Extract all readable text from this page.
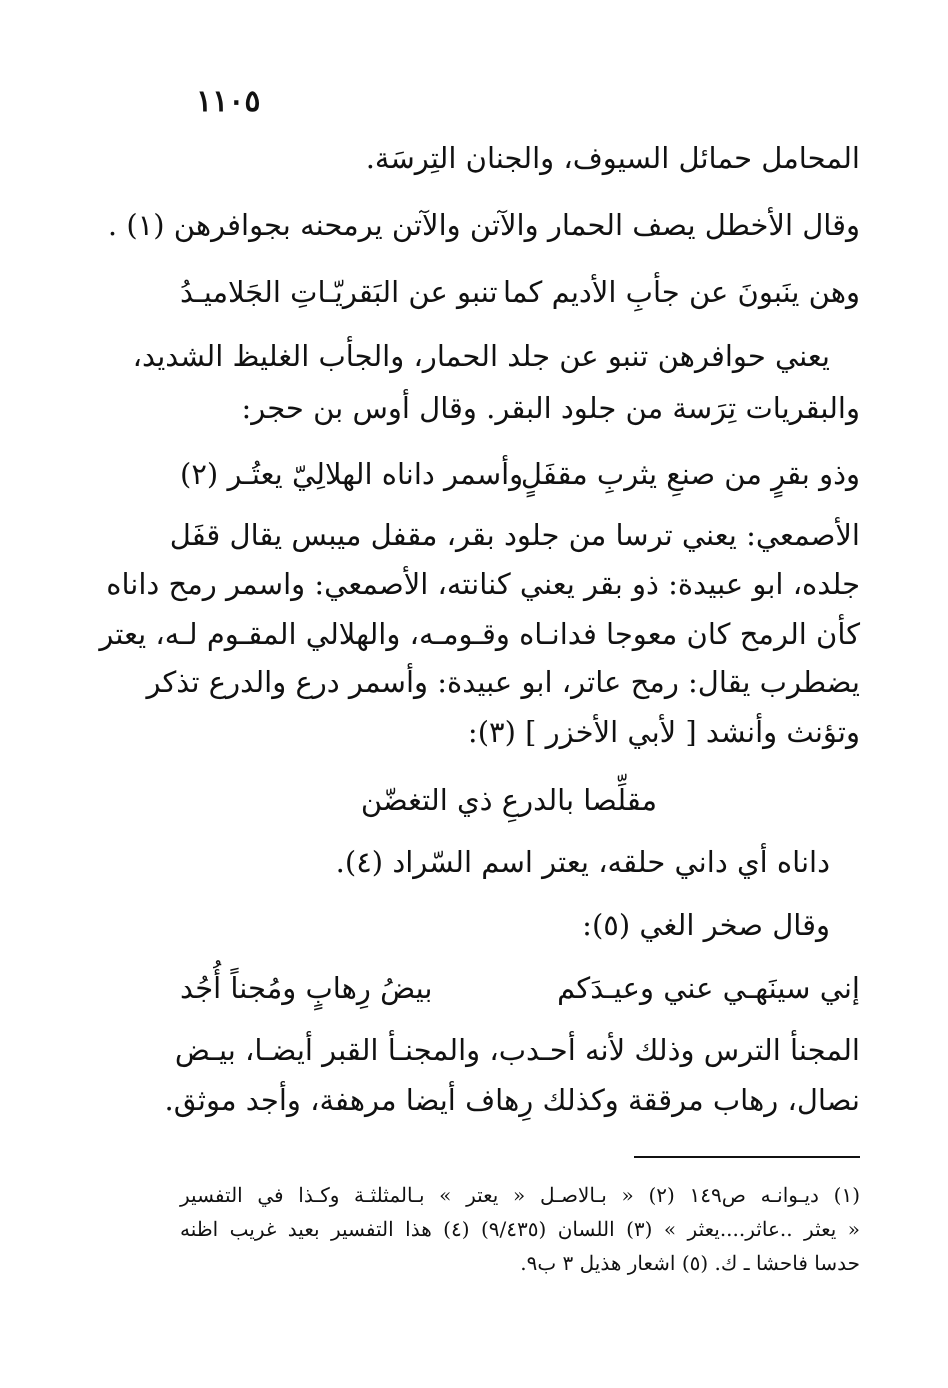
١١٠٥
المحامل حمائل السيوف، والجنان التِرسَة.
وقال الأخطل يصف الحمار والآتن والآتن يرمحنه بجوافرهن (١) .
وهن ينَبونَ عن جأبِ الأديم كما
تنبو عن البَقريّـاتِ الجَلاميـدُ
يعني حوافرهن تنبو عن جلد الحمار، والجأب الغليظ الشديد،
والبقريات تِرَسة من جلود البقر. وقال أوس بن حجر:
وذو بقرٍ من صنعِ يثربِ مقفَلٍ
وأسمر داناه الهلالِيّ يعتُـر (٢)
الأصمعي: يعني ترسا من جلود بقر، مقفل ميبس يقال قفَل
جلده، ابو عبيدة: ذو بقر يعني كنانته، الأصمعي: واسمر رمح داناه
كأن الرمح كان معوجا فدانـاه وقـومـه، والهلالي المقـوم لـه، يعتر
يضطرب يقال: رمح عاتر، ابو عبيدة: وأسمر درع والدرع تذكر
وتؤنث وأنشد [ لأبي الأخزر ] (٣):
مقلِّصا بالدرعِ ذي التغضّن
داناه أي داني حلقه، يعتر اسم السّراد (٤).
وقال صخر الغي (٥):
إني سينَهـي عني وعيـدَكم
بيضُ رِهابٍ ومُجناً أُجُد
المجنأ الترس وذلك لأنه أحـدب، والمجنـأ القبر أيضـا، بيـض
نصال، رهاب مرققة وكذلك رِهاف أيضا مرهفة، وأجد موثق.
(١) ديـوانـه ص١٤٩ (٢) « بـالاصـل « يعتر » بـالمثلثـة وكـذا في التفسير
« يعثر ..عاثر....يعثر » (٣) اللسان (٩/٤٣٥) (٤) هذا التفسير بعيد غريب اظنه
حدسا فاحشا ـ ك. (٥) اشعار هذيل ٣ ب٩.
